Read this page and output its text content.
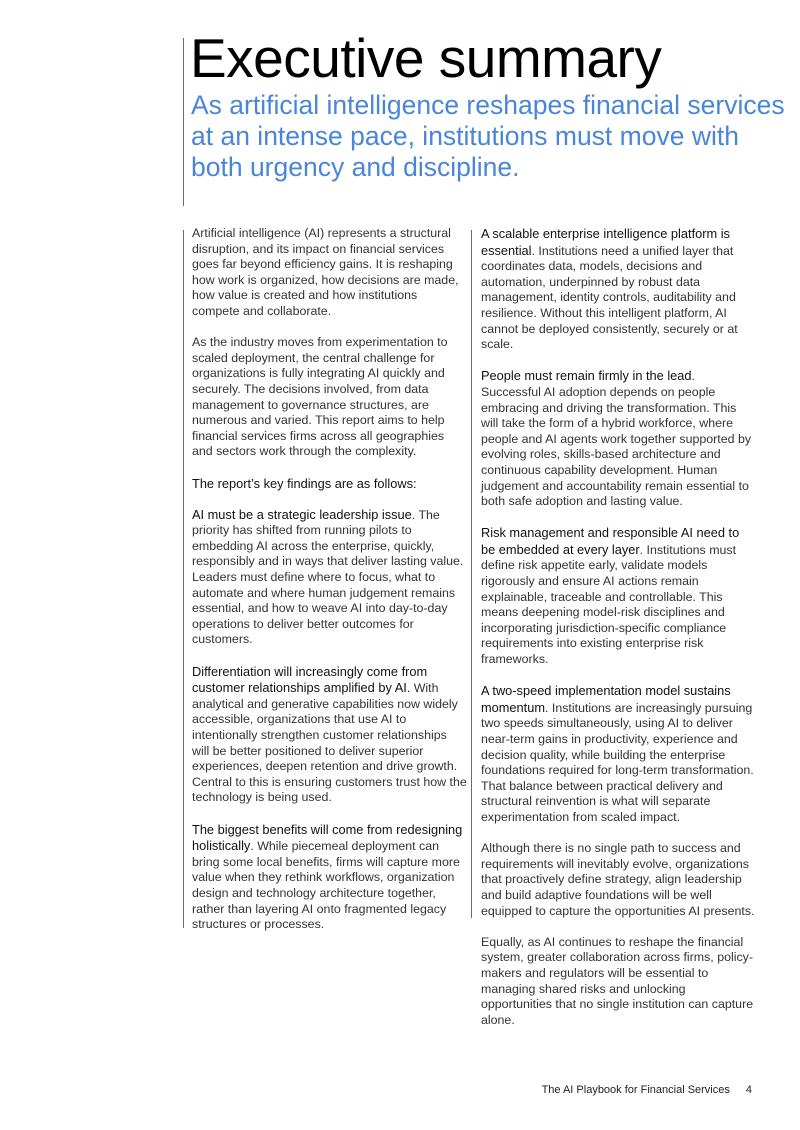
Executive summary
As artificial intelligence reshapes financial services at an intense pace, institutions must move with both urgency and discipline.

Artificial intelligence (AI) represents a structural disruption, and its impact on financial services goes far beyond efficiency gains. It is reshaping how work is organized, how decisions are made, how value is created and how institutions compete and collaborate.

As the industry moves from experimentation to scaled deployment, the central challenge for organizations is fully integrating AI quickly and securely. The decisions involved, from data management to governance structures, are numerous and varied. This report aims to help financial services firms across all geographies and sectors work through the complexity.

The report’s key findings are as follows:

AI must be a strategic leadership issue. The priority has shifted from running pilots to embedding AI across the enterprise, quickly, responsibly and in ways that deliver lasting value. Leaders must define where to focus, what to automate and where human judgement remains essential, and how to weave AI into day-to-day operations to deliver better outcomes for customers.

Differentiation will increasingly come from customer relationships amplified by AI. With analytical and generative capabilities now widely accessible, organizations that use AI to intentionally strengthen customer relationships will be better positioned to deliver superior experiences, deepen retention and drive growth. Central to this is ensuring customers trust how the technology is being used.

The biggest benefits will come from redesigning holistically. While piecemeal deployment can bring some local benefits, firms will capture more value when they rethink workflows, organization design and technology architecture together, rather than layering AI onto fragmented legacy structures or processes.

A scalable enterprise intelligence platform is essential. Institutions need a unified layer that coordinates data, models, decisions and automation, underpinned by robust data management, identity controls, auditability and resilience. Without this intelligent platform, AI cannot be deployed consistently, securely or at scale.

People must remain firmly in the lead. Successful AI adoption depends on people embracing and driving the transformation. This will take the form of a hybrid workforce, where people and AI agents work together supported by evolving roles, skills-based architecture and continuous capability development. Human judgement and accountability remain essential to both safe adoption and lasting value.

Risk management and responsible AI need to be embedded at every layer. Institutions must define risk appetite early, validate models rigorously and ensure AI actions remain explainable, traceable and controllable. This means deepening model-risk disciplines and incorporating jurisdiction-specific compliance requirements into existing enterprise risk frameworks.

A two-speed implementation model sustains momentum. Institutions are increasingly pursuing two speeds simultaneously, using AI to deliver near-term gains in productivity, experience and decision quality, while building the enterprise foundations required for long-term transformation. That balance between practical delivery and structural reinvention is what will separate experimentation from scaled impact.

Although there is no single path to success and requirements will inevitably evolve, organizations that proactively define strategy, align leadership and build adaptive foundations will be well equipped to capture the opportunities AI presents.

Equally, as AI continues to reshape the financial system, greater collaboration across firms, policy-makers and regulators will be essential to managing shared risks and unlocking opportunities that no single institution can capture alone.

The AI Playbook for Financial Services 4
